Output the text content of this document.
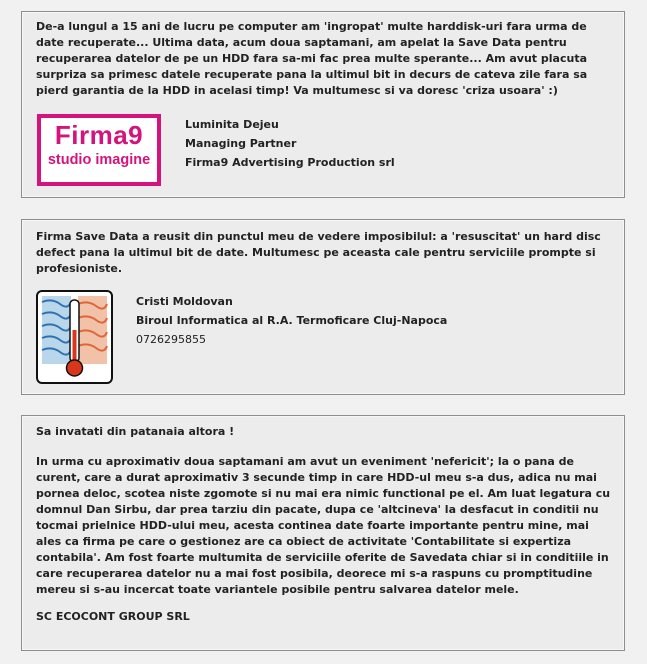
De-a lungul a 15 ani de lucru pe computer am 'ingropat' multe harddisk-uri fara urma de date recuperate... Ultima data, acum doua saptamani, am apelat la Save Data pentru recuperarea datelor de pe un HDD fara sa-mi fac prea multe sperante... Am avut placuta surpriza sa primesc datele recuperate pana la ultimul bit in decurs de cateva zile fara sa pierd garantia de la HDD in acelasi timp! Va multumesc si va doresc 'criza usoara' :)

Firma9
studio imagine
Luminita Dejeu
Managing Partner
Firma9 Advertising Production srl

Firma Save Data a reusit din punctul meu de vedere imposibilul: a 'resuscitat' un hard disc defect pana la ultimul bit de date. Multumesc pe aceasta cale pentru serviciile prompte si profesioniste.

Cristi Moldovan
Biroul Informatica al R.A. Termoficare Cluj-Napoca
0726295855

Sa invatati din patanaia altora !

In urma cu aproximativ doua saptamani am avut un eveniment 'nefericit'; la o pana de curent, care a durat aproximativ 3 secunde timp in care HDD-ul meu s-a dus, adica nu mai pornea deloc, scotea niste zgomote si nu mai era nimic functional pe el. Am luat legatura cu domnul Dan Sirbu, dar prea tarziu din pacate, dupa ce 'altcineva' la desfacut in conditii nu tocmai prielnice HDD-ului meu, acesta continea date foarte importante pentru mine, mai ales ca firma pe care o gestionez are ca obiect de activitate 'Contabilitate si expertiza contabila'. Am fost foarte multumita de serviciile oferite de Savedata chiar si in conditiile in care recuperarea datelor nu a mai fost posibila, deorece mi s-a raspuns cu promptitudine mereu si s-au incercat toate variantele posibile pentru salvarea datelor mele.

SC ECOCONT GROUP SRL
